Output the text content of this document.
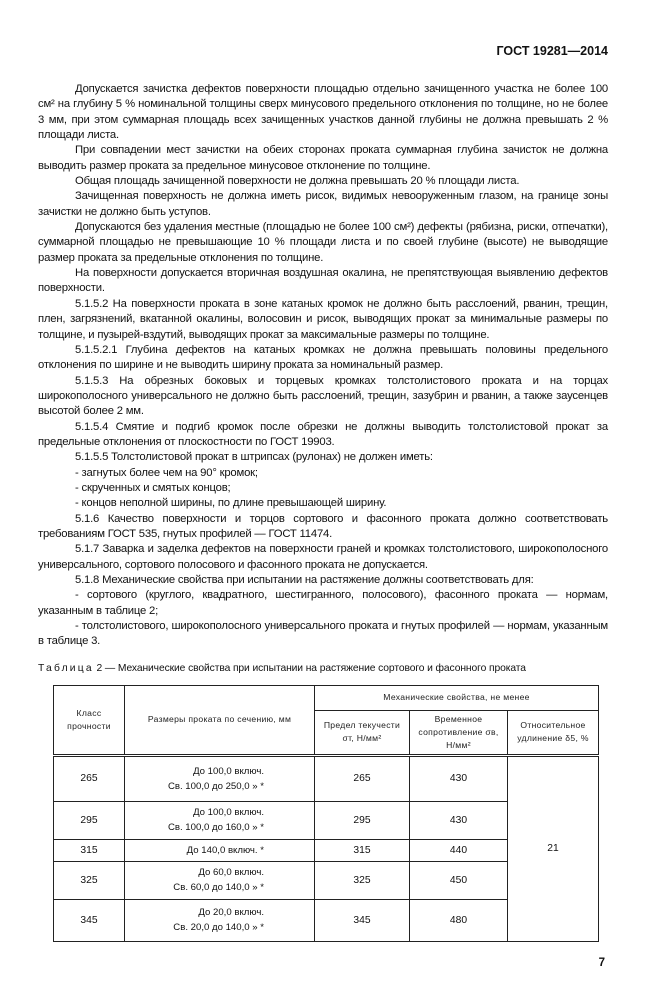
ГОСТ 19281—2014

Допускается зачистка дефектов поверхности площадью отдельно зачищенного участка не более 100 см² на глубину 5 % номинальной толщины сверх минусового предельного отклонения по толщине, но не более 3 мм, при этом суммарная площадь всех зачищенных участков данной глубины не должна превышать 2 % площади листа.

При совпадении мест зачистки на обеих сторонах проката суммарная глубина зачисток не должна выводить размер проката за предельное минусовое отклонение по толщине.

Общая площадь зачищенной поверхности не должна превышать 20 % площади листа.

Зачищенная поверхность не должна иметь рисок, видимых невооруженным глазом, на границе зоны зачистки не должно быть уступов.

Допускаются без удаления местные (площадью не более 100 см²) дефекты (рябизна, риски, отпечатки), суммарной площадью не превышающие 10 % площади листа и по своей глубине (высоте) не выводящие размер проката за предельные отклонения по толщине.

На поверхности допускается вторичная воздушная окалина, не препятствующая выявлению дефектов поверхности.

5.1.5.2 На поверхности проката в зоне катаных кромок не должно быть расслоений, рванин, трещин, плен, загрязнений, вкатанной окалины, волосовин и рисок, выводящих прокат за минимальные размеры по толщине, и пузырей-вздутий, выводящих прокат за максимальные размеры по толщине.

5.1.5.2.1 Глубина дефектов на катаных кромках не должна превышать половины предельного отклонения по ширине и не выводить ширину проката за номинальный размер.

5.1.5.3 На обрезных боковых и торцевых кромках толстолистового проката и на торцах широкополосного универсального не должно быть расслоений, трещин, зазубрин и рванин, а также заусенцев высотой более 2 мм.

5.1.5.4 Смятие и подгиб кромок после обрезки не должны выводить толстолистовой прокат за предельные отклонения от плоскостности по ГОСТ 19903.

5.1.5.5 Толстолистовой прокат в штрипсах (рулонах) не должен иметь:

- загнутых более чем на 90° кромок;

- скрученных и смятых концов;

- концов неполной ширины, по длине превышающей ширину.

5.1.6 Качество поверхности и торцов сортового и фасонного проката должно соответствовать требованиям ГОСТ 535, гнутых профилей — ГОСТ 11474.

5.1.7 Заварка и заделка дефектов на поверхности граней и кромках толстолистового, широкополосного универсального, сортового полосового и фасонного проката не допускается.

5.1.8 Механические свойства при испытании на растяжение должны соответствовать для:

- сортового (круглого, квадратного, шестигранного, полосового), фасонного проката — нормам, указанным в таблице 2;

- толстолистового, широкополосного универсального проката и гнутых профилей — нормам, указанным в таблице 3.

Таблица 2 — Механические свойства при испытании на растяжение сортового и фасонного проката
Класс прочности	Размеры проката по сечению, мм	Механические свойства, не менее		
		Предел текучести σт, Н/мм²	Временное сопротивление σв, Н/мм²	Относительное удлинение δ5, %
265	До 100,0 включ.
Св. 100,0 до 250,0 » *	265	430	21
295	До 100,0 включ.
Св. 100,0 до 160,0 » *	295	430	
315	До 140,0 включ. *	315	440	
325	До 60,0 включ.
Св. 60,0 до 140,0 » *	325	450	
345	До 20,0 включ.
Св. 20,0 до 140,0 » *	345	480	
7
